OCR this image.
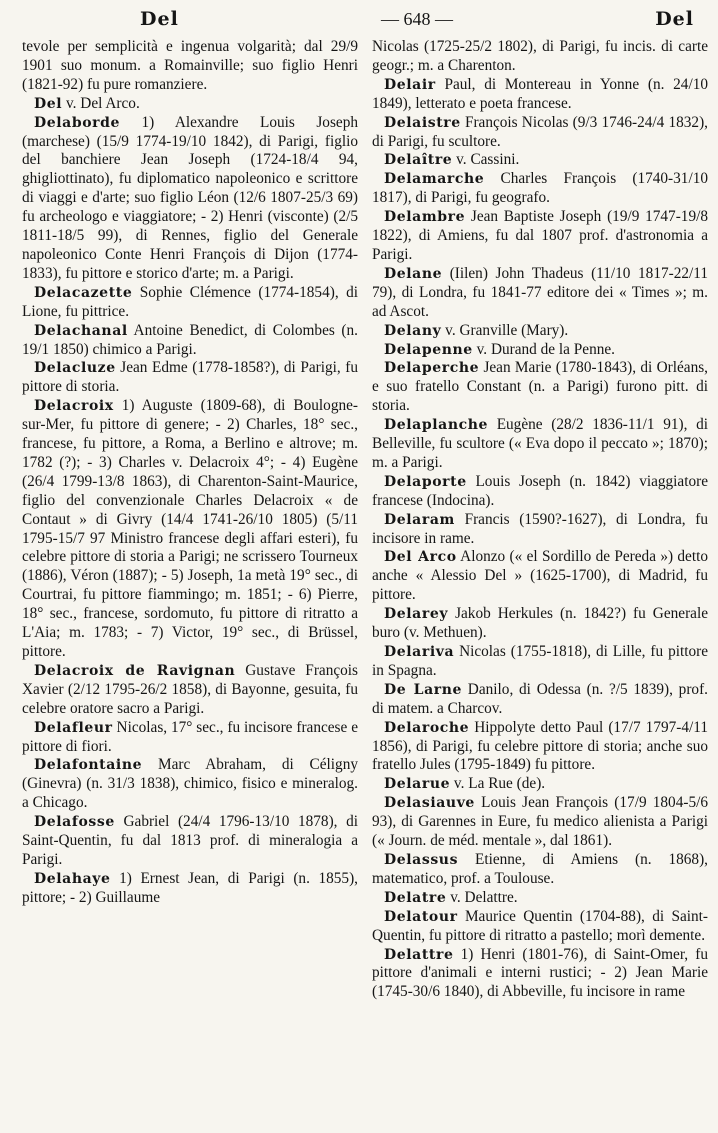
Del	— 648 —	Del

tevole per semplicità e ingenua volgarità; dal 29/9 1901 suo monum. a Romainville; suo figlio Henri (1821-92) fu pure romanziere.

Del v. Del Arco.

Delaborde 1) Alexandre Louis Joseph (marchese) (15/9 1774-19/10 1842), di Parigi, figlio del banchiere Jean Joseph (1724-18/4 94, ghigliottinato), fu diplomatico napoleonico e scrittore di viaggi e d'arte; suo figlio Léon (12/6 1807-25/3 69) fu archeologo e viaggiatore; - 2) Henri (visconte) (2/5 1811-18/5 99), di Rennes, figlio del Generale napoleonico Conte Henri François di Dijon (1774-1833), fu pittore e storico d'arte; m. a Parigi.

Delacazette Sophie Clémence (1774-1854), di Lione, fu pittrice.

Delachanal Antoine Benedict, di Colombes (n. 19/1 1850) chimico a Parigi.

Delacluze Jean Edme (1778-1858?), di Parigi, fu pittore di storia.

Delacroix 1) Auguste (1809-68), di Boulogne-sur-Mer, fu pittore di genere; - 2) Charles, 18° sec., francese, fu pittore, a Roma, a Berlino e altrove; m. 1782 (?); - 3) Charles v. Delacroix 4°; - 4) Eugène (26/4 1799-13/8 1863), di Charenton-Saint-Maurice, figlio del convenzionale Charles Delacroix « de Contaut » di Givry (14/4 1741-26/10 1805) (5/11 1795-15/7 97 Ministro francese degli affari esteri), fu celebre pittore di storia a Parigi; ne scrissero Tourneux (1886), Véron (1887); - 5) Joseph, 1a metà 19° sec., di Courtrai, fu pittore fiammingo; m. 1851; - 6) Pierre, 18° sec., francese, sordomuto, fu pittore di ritratto a L'Aia; m. 1783; - 7) Victor, 19° sec., di Brüssel, pittore.

Delacroix de Ravignan Gustave François Xavier (2/12 1795-26/2 1858), di Bayonne, gesuita, fu celebre oratore sacro a Parigi.

Delafleur Nicolas, 17° sec., fu incisore francese e pittore di fiori.

Delafontaine Marc Abraham, di Céligny (Ginevra) (n. 31/3 1838), chimico, fisico e mineralog. a Chicago.

Delafosse Gabriel (24/4 1796-13/10 1878), di Saint-Quentin, fu dal 1813 prof. di mineralogia a Parigi.

Delahaye 1) Ernest Jean, di Parigi (n. 1855), pittore; - 2) Guillaume

Nicolas (1725-25/2 1802), di Parigi, fu incis. di carte geogr.; m. a Charenton.

Delair Paul, di Montereau in Yonne (n. 24/10 1849), letterato e poeta francese.

Delaistre François Nicolas (9/3 1746-24/4 1832), di Parigi, fu scultore.

Delaître v. Cassini.

Delamarche Charles François (1740-31/10 1817), di Parigi, fu geografo.

Delambre Jean Baptiste Joseph (19/9 1747-19/8 1822), di Amiens, fu dal 1807 prof. d'astronomia a Parigi.

Delane (Iilen) John Thadeus (11/10 1817-22/11 79), di Londra, fu 1841-77 editore dei « Times »; m. ad Ascot.

Delany v. Granville (Mary).

Delapenne v. Durand de la Penne.

Delaperche Jean Marie (1780-1843), di Orléans, e suo fratello Constant (n. a Parigi) furono pitt. di storia.

Delaplanche Eugène (28/2 1836-11/1 91), di Belleville, fu scultore (« Eva dopo il peccato »; 1870); m. a Parigi.

Delaporte Louis Joseph (n. 1842) viaggiatore francese (Indocina).

Delaram Francis (1590?-1627), di Londra, fu incisore in rame.

Del Arco Alonzo (« el Sordillo de Pereda ») detto anche « Alessio Del » (1625-1700), di Madrid, fu pittore.

Delarey Jakob Herkules (n. 1842?) fu Generale buro (v. Methuen).

Delariva Nicolas (1755-1818), di Lille, fu pittore in Spagna.

De Larne Danilo, di Odessa (n. ?/5 1839), prof. di matem. a Charcov.

Delaroche Hippolyte detto Paul (17/7 1797-4/11 1856), di Parigi, fu celebre pittore di storia; anche suo fratello Jules (1795-1849) fu pittore.

Delarue v. La Rue (de).

Delasiauve Louis Jean François (17/9 1804-5/6 93), di Garennes in Eure, fu medico alienista a Parigi (« Journ. de méd. mentale », dal 1861).

Delassus Etienne, di Amiens (n. 1868), matematico, prof. a Toulouse.

Delatre v. Delattre.

Delatour Maurice Quentin (1704-88), di Saint-Quentin, fu pittore di ritratto a pastello; morì demente.

Delattre 1) Henri (1801-76), di Saint-Omer, fu pittore d'animali e interni rustici; - 2) Jean Marie (1745-30/6 1840), di Abbeville, fu incisore in rame
